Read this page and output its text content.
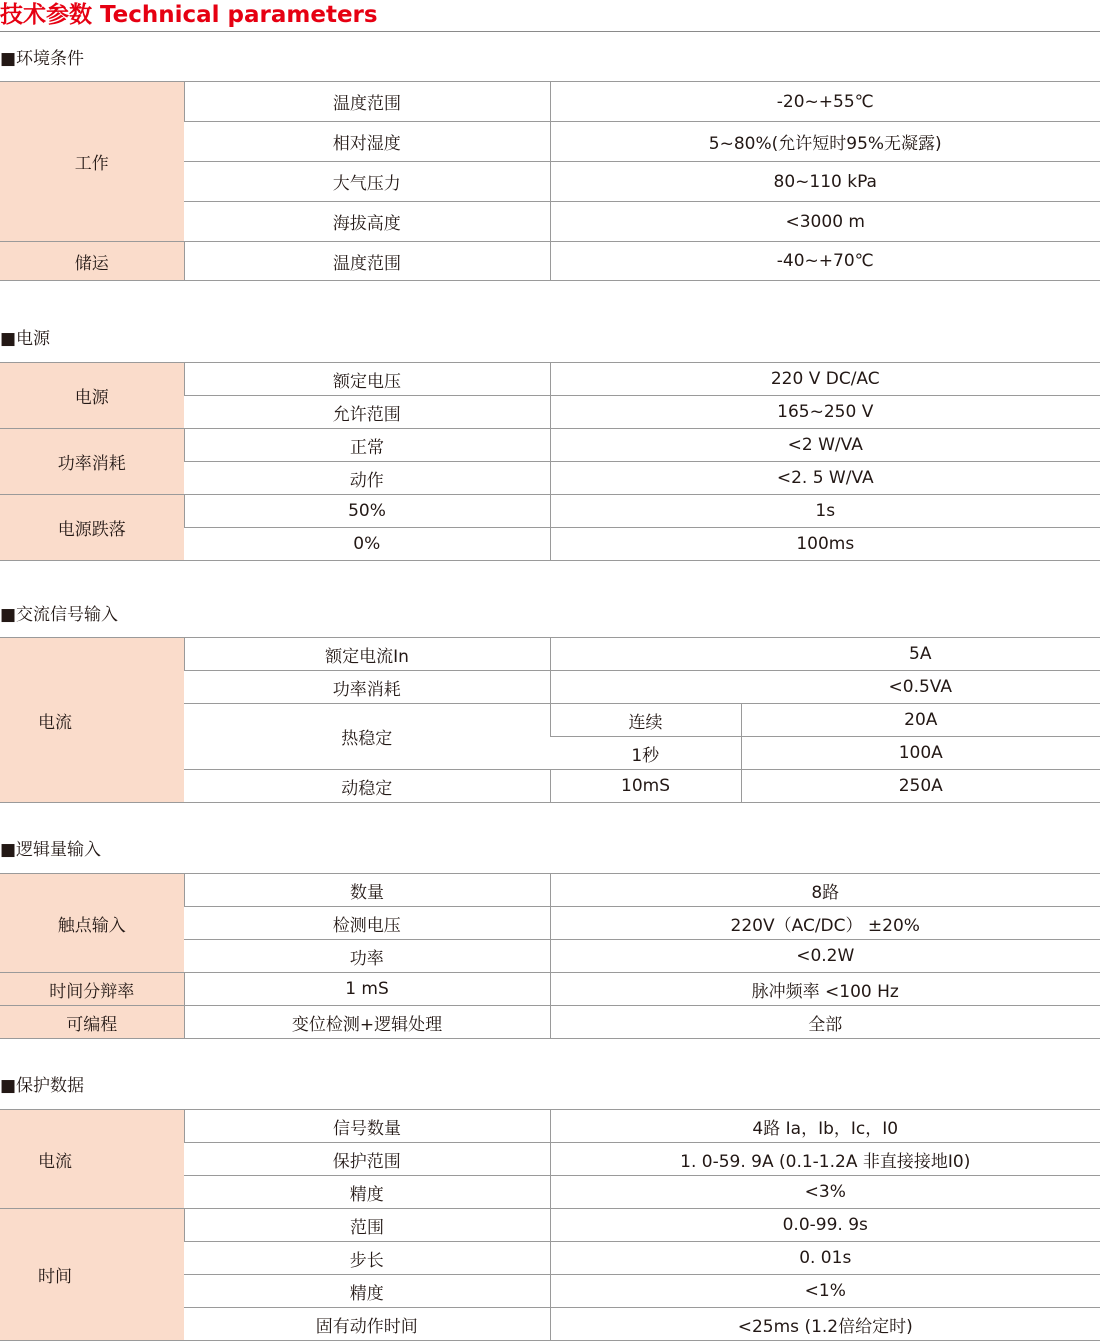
技术参数 Technical parameters
■环境条件
工作	温度范围	-20~+55℃
	相对湿度	5~80%(允许短时95%无凝露)
	大气压力	80~110 kPa
	海拔高度	<3000 m
储运	温度范围	-40~+70℃
■电源
电源	额定电压	220 V DC/AC
	允许范围	165~250 V
功率消耗	正常	<2 W/VA
	动作	<2. 5 W/VA
电源跌落	50%	1s
	0%	100ms
■交流信号输入
电流	额定电流In	5A	
	功率消耗	<0.5VA	
	热稳定	连续	20A
		1秒	100A
	动稳定	10mS	250A
■逻辑量输入
触点输入	数量	8路
	检测电压	220V（AC/DC） ±20%
	功率	<0.2W
时间分辩率	1 mS	脉冲频率 <100 Hz
可编程	变位检测+逻辑处理	全部
■保护数据
电流	信号数量	4路 Ia，Ib，Ic，I0
	保护范围	1. 0-59. 9A (0.1-1.2A 非直接接地I0)
	精度	<3%
时间	范围	0.0-99. 9s
	步长	0. 01s
	精度	<1%
	固有动作时间	<25ms (1.2倍给定时)
